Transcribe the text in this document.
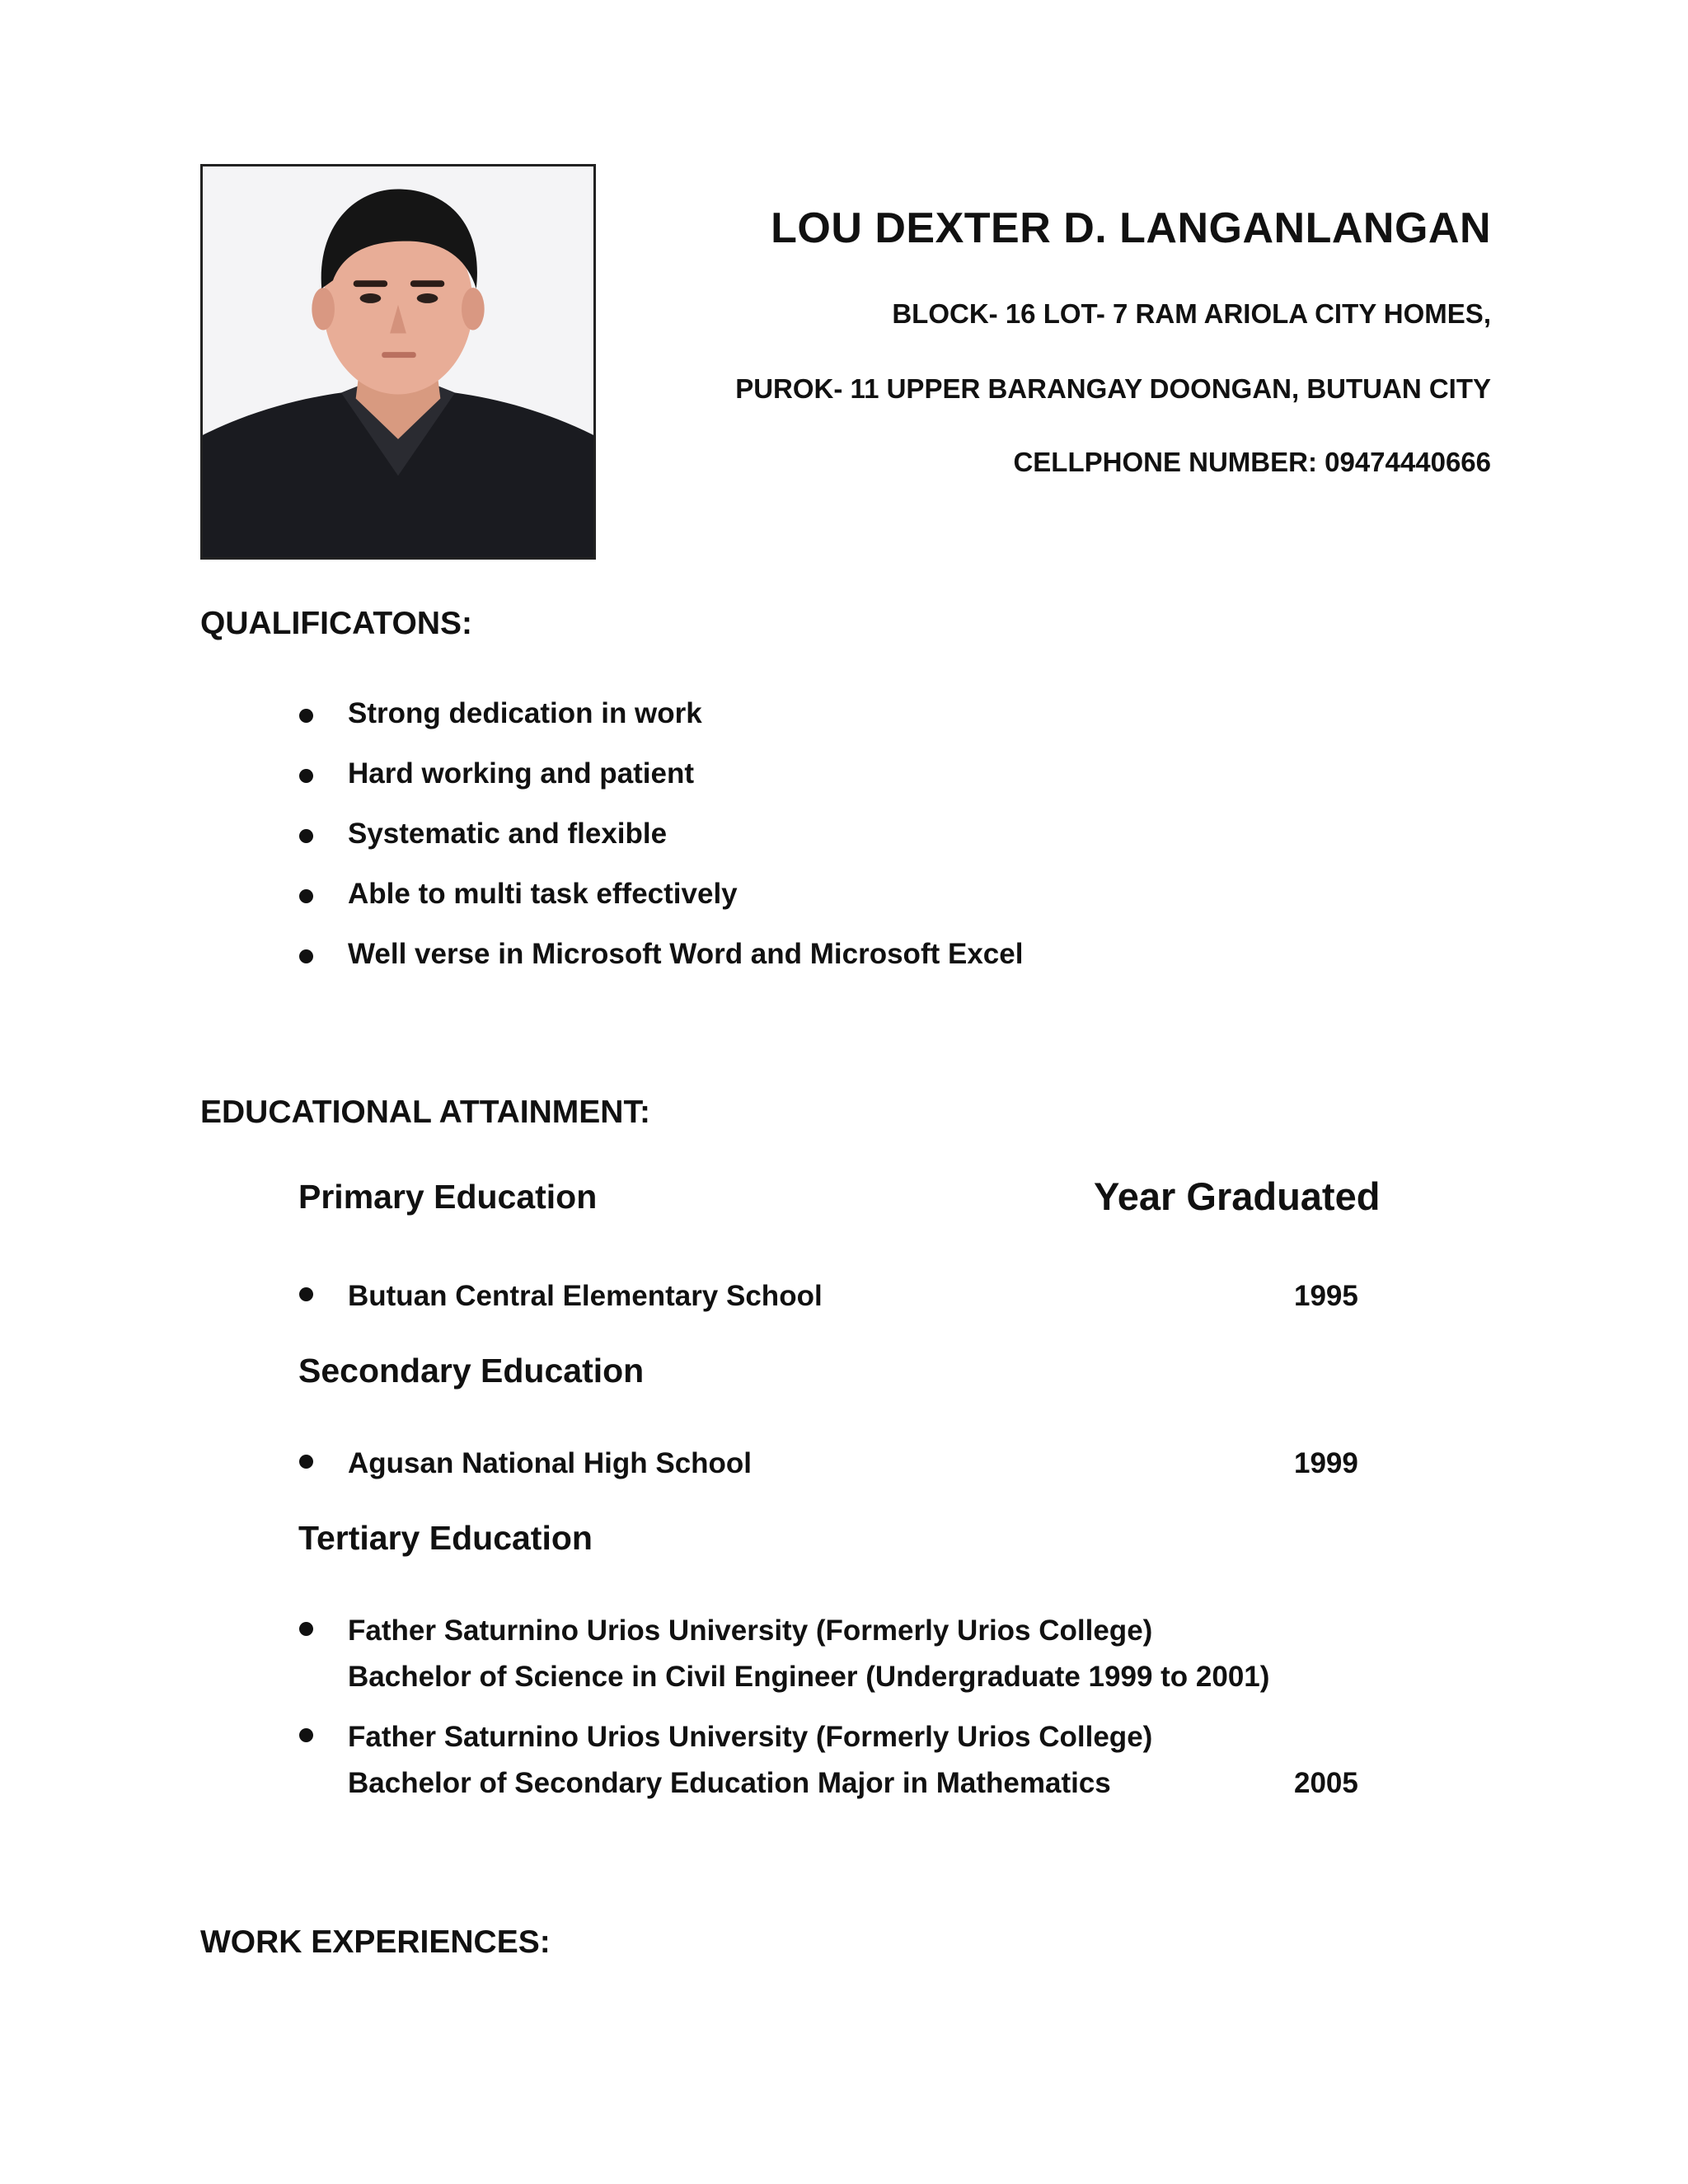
LOU DEXTER D. LANGANLANGAN
BLOCK- 16 LOT- 7 RAM ARIOLA CITY HOMES,
PUROK- 11 UPPER BARANGAY DOONGAN, BUTUAN CITY
CELLPHONE NUMBER: 09474440666
QUALIFICATONS:
Strong dedication in work
Hard working and patient
Systematic and flexible
Able to multi task effectively
Well verse in Microsoft Word and Microsoft Excel
EDUCATIONAL ATTAINMENT:
Primary Education	Year Graduated
Butuan Central Elementary School	1995
Secondary Education
Agusan National High School	1999
Tertiary Education
Father Saturnino Urios University (Formerly Urios College)
Bachelor of Science in Civil Engineer (Undergraduate 1999 to 2001)
Father Saturnino Urios University (Formerly Urios College)
Bachelor of Secondary Education Major in Mathematics	2005
WORK EXPERIENCES:
